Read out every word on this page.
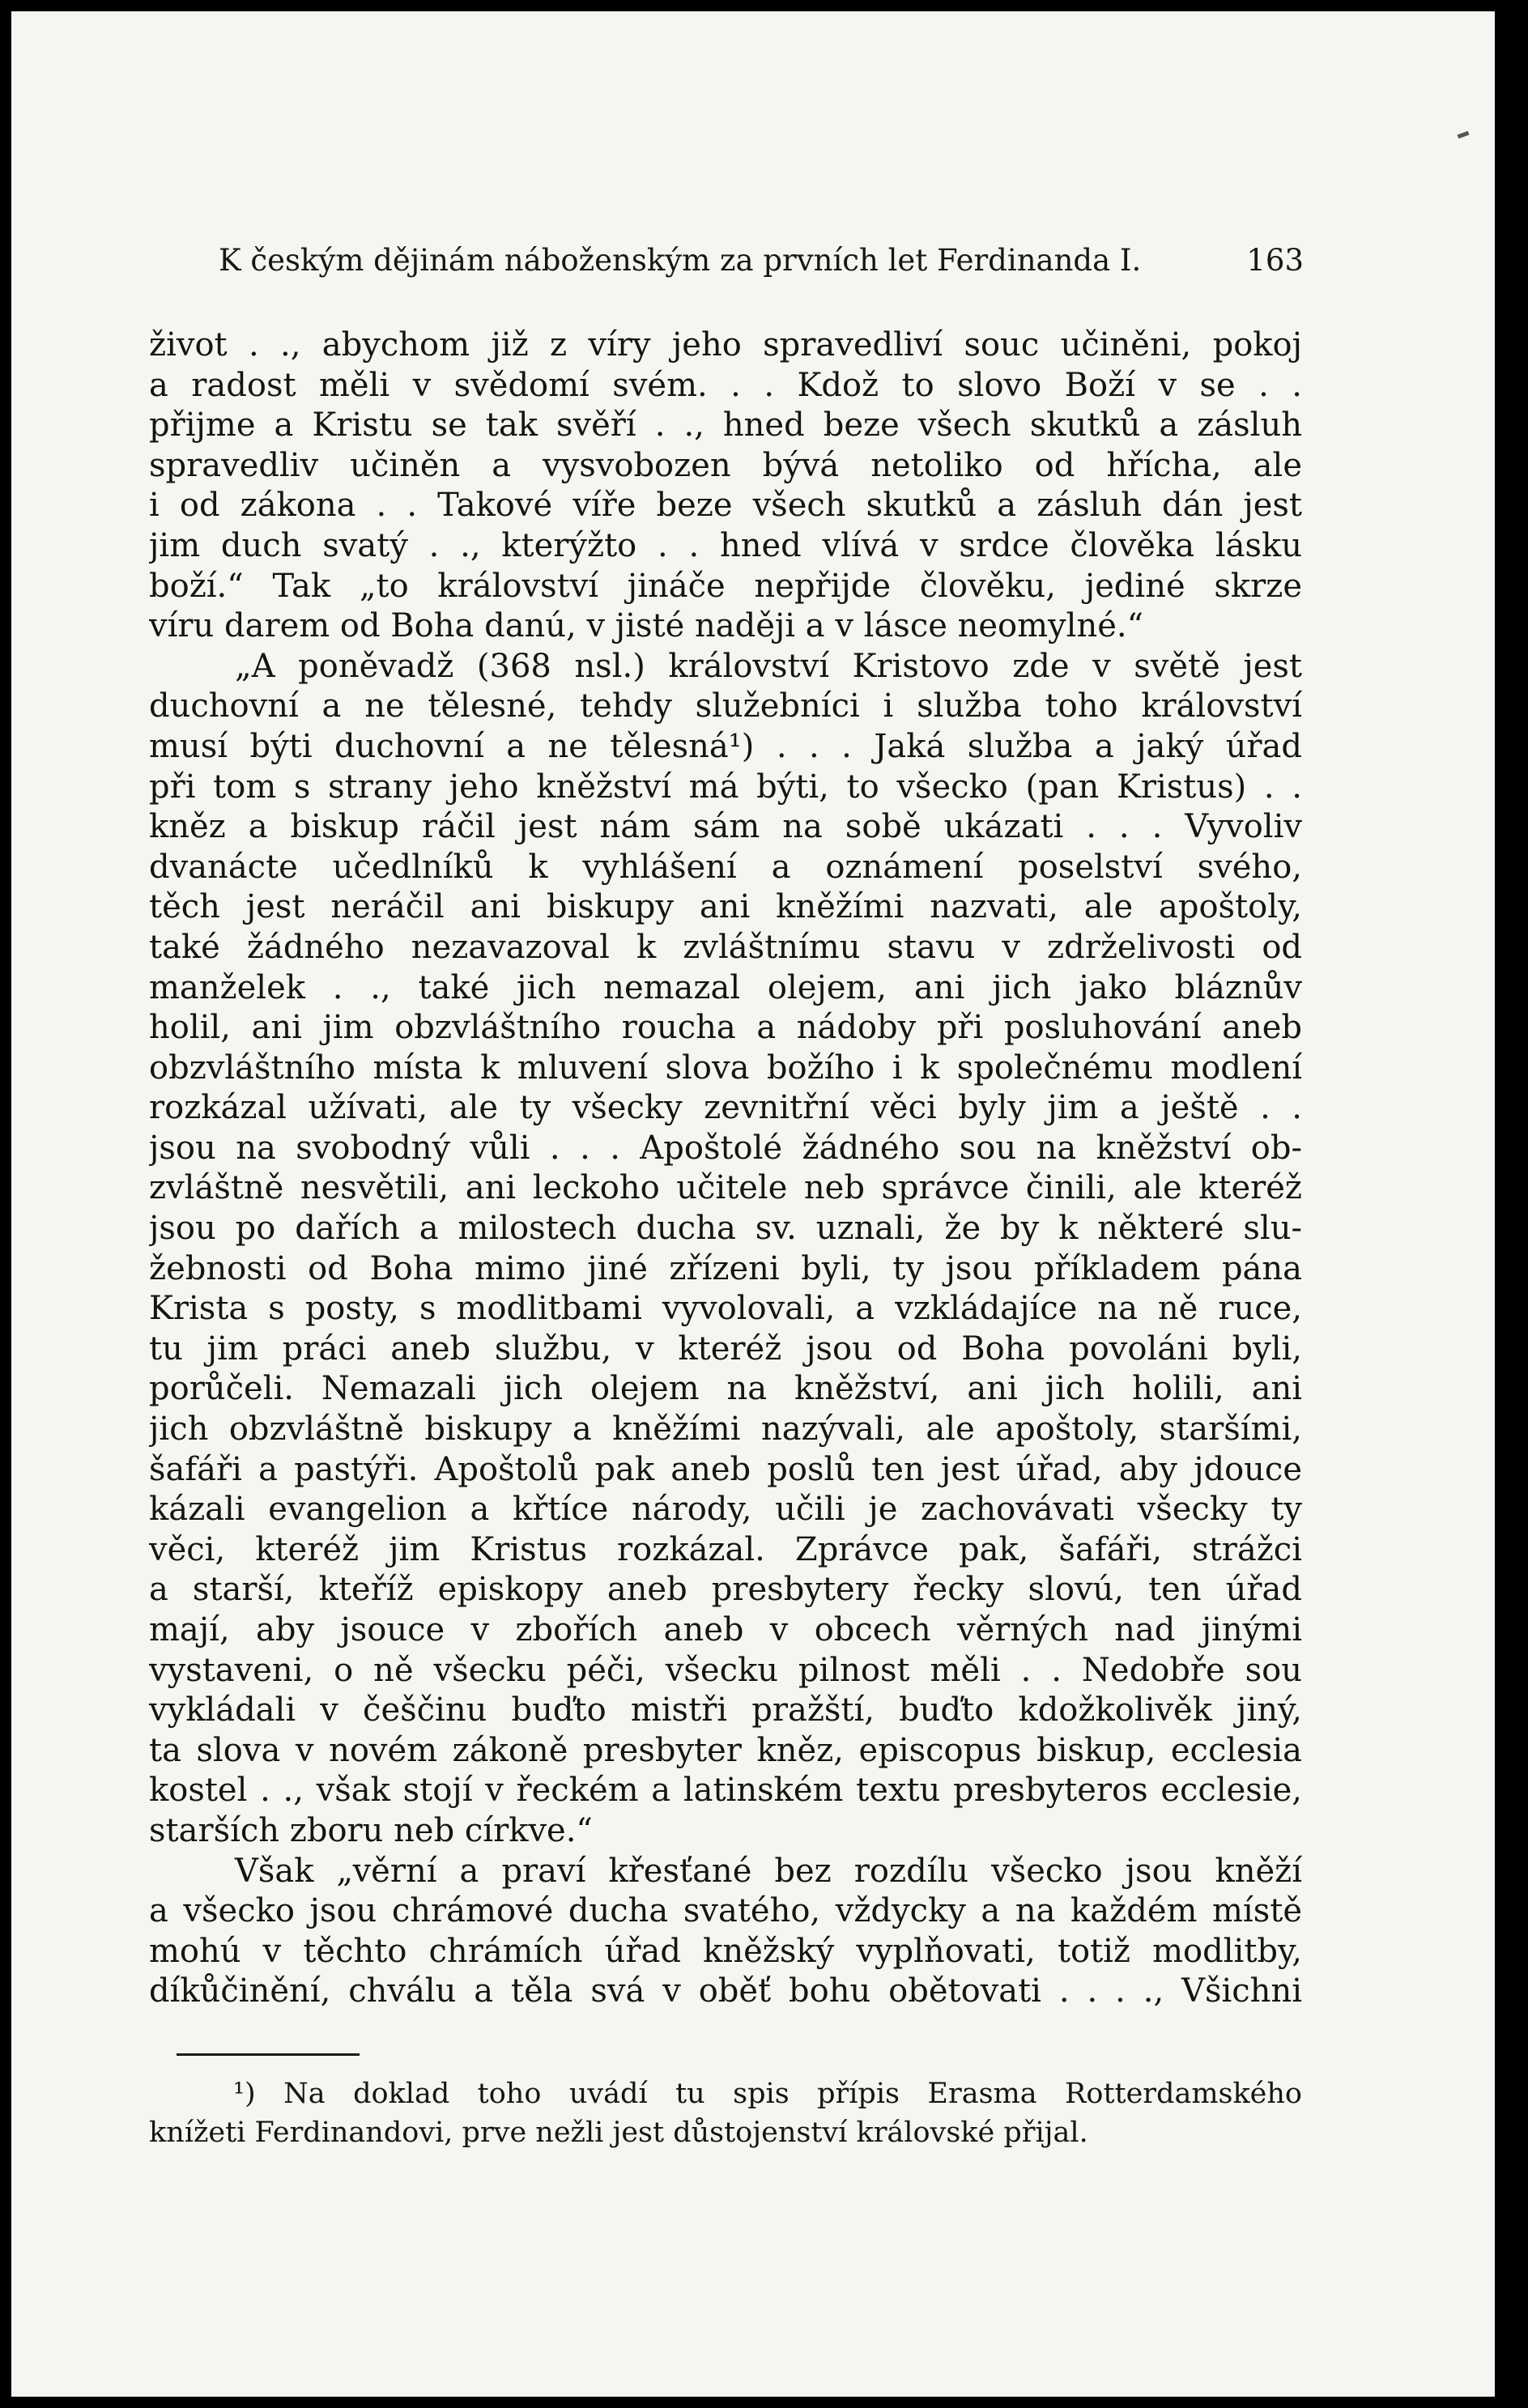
K českým dějinám náboženským za prvních let Ferdinanda I.	163
život . ., abychom již z víry jeho spravedliví souc učiněni, pokoj
a radost měli v svědomí svém. . . Kdož to slovo Boží v se . .
přijme a Kristu se tak svěří . ., hned beze všech skutků a zásluh
spravedliv učiněn a vysvobozen bývá netoliko od hřícha, ale
i od zákona . . Takové víře beze všech skutků a zásluh dán jest
jim duch svatý . ., kterýžto . . hned vlívá v srdce člověka lásku
boží.“ Tak „to království jináče nepřijde člověku, jediné skrze
víru darem od Boha danú, v jisté naději a v lásce neomylné.“
„A poněvadž (368 nsl.) království Kristovo zde v světě jest
duchovní a ne tělesné, tehdy služebníci i služba toho království
musí býti duchovní a ne tělesná¹) . . . Jaká služba a jaký úřad
při tom s strany jeho kněžství má býti, to všecko (pan Kristus) . .
kněz a biskup ráčil jest nám sám na sobě ukázati . . . Vyvoliv
dvanácte učedlníků k vyhlášení a oznámení poselství svého,
těch jest neráčil ani biskupy ani kněžími nazvati, ale apoštoly,
také žádného nezavazoval k zvláštnímu stavu v zdrželivosti od
manželek . ., také jich nemazal olejem, ani jich jako bláznův
holil, ani jim obzvláštního roucha a nádoby při posluhování aneb
obzvláštního místa k mluvení slova božího i k společnému modlení
rozkázal užívati, ale ty všecky zevnitřní věci byly jim a ještě . .
jsou na svobodný vůli . . . Apoštolé žádného sou na kněžství ob-
zvláštně nesvětili, ani leckoho učitele neb správce činili, ale kteréž
jsou po dařích a milostech ducha sv. uznali, že by k některé slu-
žebnosti od Boha mimo jiné zřízeni byli, ty jsou příkladem pána
Krista s posty, s modlitbami vyvolovali, a vzkládajíce na ně ruce,
tu jim práci aneb službu, v kteréž jsou od Boha povoláni byli,
porůčeli. Nemazali jich olejem na kněžství, ani jich holili, ani
jich obzvláštně biskupy a kněžími nazývali, ale apoštoly, staršími,
šafáři a pastýři. Apoštolů pak aneb poslů ten jest úřad, aby jdouce
kázali evangelion a křtíce národy, učili je zachovávati všecky ty
věci, kteréž jim Kristus rozkázal. Zprávce pak, šafáři, strážci
a starší, kteříž episkopy aneb presbytery řecky slovú, ten úřad
mají, aby jsouce v zbořích aneb v obcech věrných nad jinými
vystaveni, o ně všecku péči, všecku pilnost měli . . Nedobře sou
vykládali v češčinu buďto mistři pražští, buďto kdožkolivěk jiný,
ta slova v novém zákoně presbyter kněz, episcopus biskup, ecclesia
kostel . ., však stojí v řeckém a latinském textu presbyteros ecclesie,
starších zboru neb církve.“
Však „věrní a praví křesťané bez rozdílu všecko jsou kněží
a všecko jsou chrámové ducha svatého, vždycky a na každém místě
mohú v těchto chrámích úřad kněžský vyplňovati, totiž modlitby,
díkůčinění, chválu a těla svá v oběť bohu obětovati . . . ., Všichni
¹) Na doklad toho uvádí tu spis přípis Erasma Rotterdamského
knížeti Ferdinandovi, prve nežli jest důstojenství královské přijal.
